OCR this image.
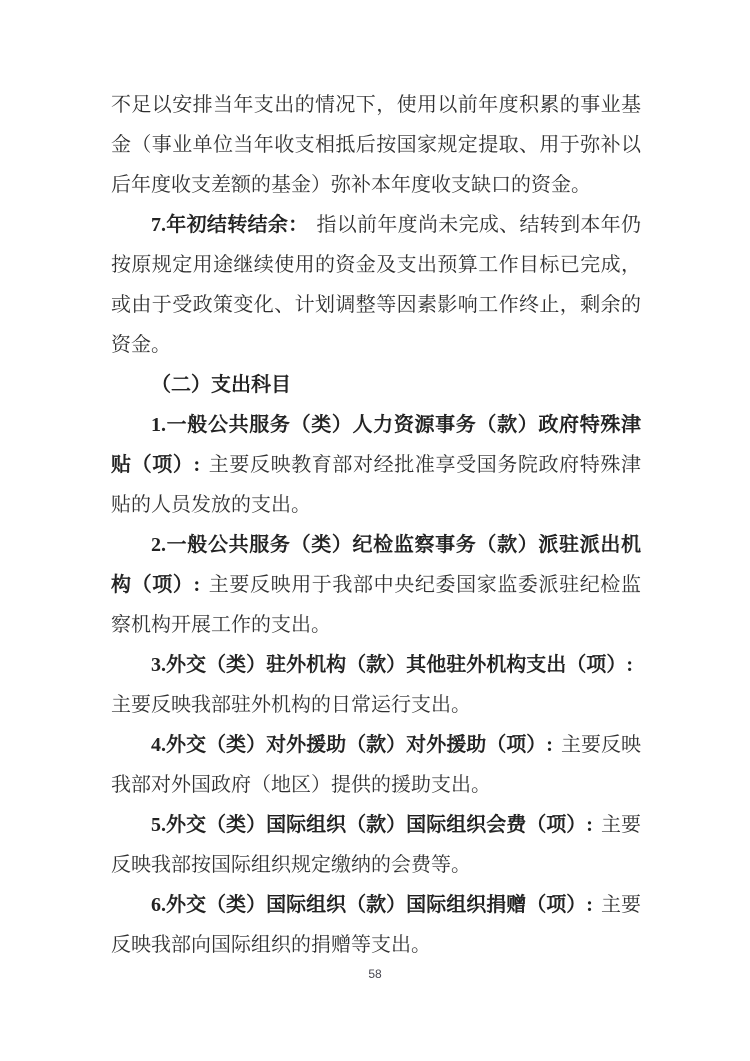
不足以安排当年支出的情况下，使用以前年度积累的事业基金（事业单位当年收支相抵后按国家规定提取、用于弥补以后年度收支差额的基金）弥补本年度收支缺口的资金。

7.年初结转结余： 指以前年度尚未完成、结转到本年仍按原规定用途继续使用的资金及支出预算工作目标已完成，或由于受政策变化、计划调整等因素影响工作终止，剩余的资金。

（二）支出科目

1.一般公共服务（类）人力资源事务（款）政府特殊津贴（项）: 主要反映教育部对经批准享受国务院政府特殊津贴的人员发放的支出。

2.一般公共服务（类）纪检监察事务（款）派驻派出机构（项）: 主要反映用于我部中央纪委国家监委派驻纪检监察机构开展工作的支出。

3.外交（类）驻外机构（款）其他驻外机构支出（项）:主要反映我部驻外机构的日常运行支出。

4.外交（类）对外援助（款）对外援助（项）: 主要反映我部对外国政府（地区）提供的援助支出。

5.外交（类）国际组织（款）国际组织会费（项）: 主要反映我部按国际组织规定缴纳的会费等。

6.外交（类）国际组织（款）国际组织捐赠（项）: 主要反映我部向国际组织的捐赠等支出。

58
